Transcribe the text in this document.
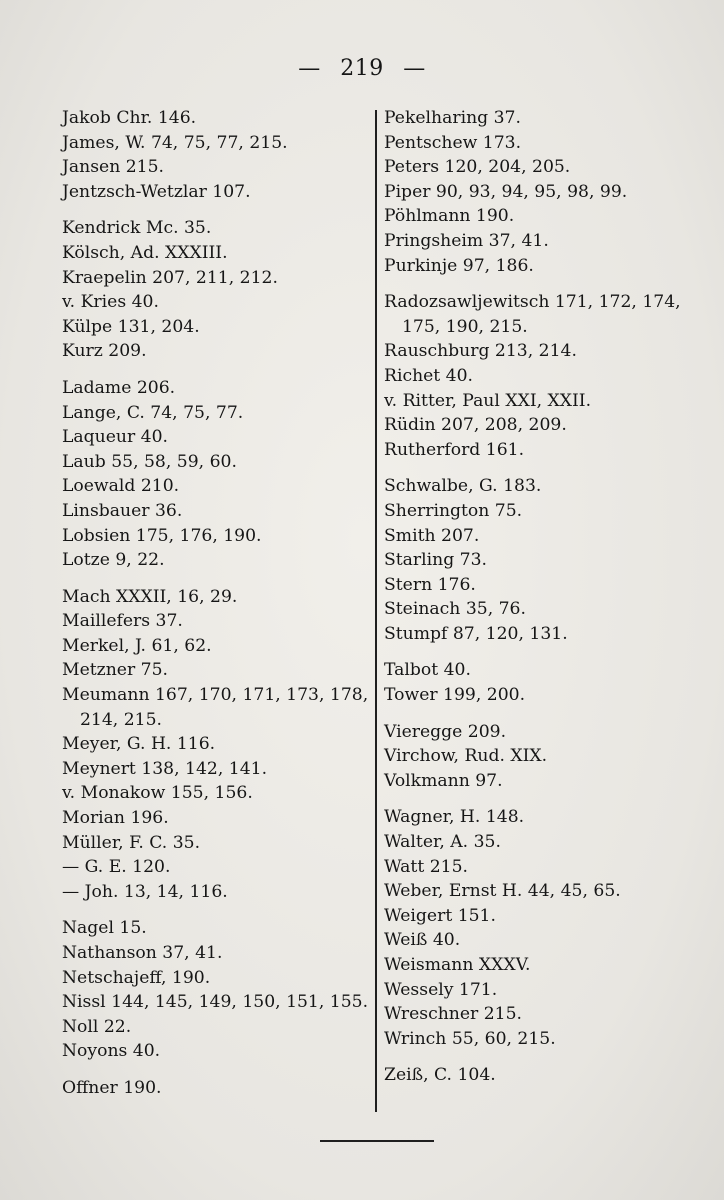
— 219 —
Jakob Chr. 146.
James, W. 74, 75, 77, 215.
Jansen 215.
Jentzsch-Wetzlar 107.
Kendrick Mc. 35.
Kölsch, Ad. XXXIII.
Kraepelin 207, 211, 212.
v. Kries 40.
Külpe 131, 204.
Kurz 209.
Ladame 206.
Lange, C. 74, 75, 77.
Laqueur 40.
Laub 55, 58, 59, 60.
Loewald 210.
Linsbauer 36.
Lobsien 175, 176, 190.
Lotze 9, 22.
Mach XXXII, 16, 29.
Maillefers 37.
Merkel, J. 61, 62.
Metzner 75.
Meumann 167, 170, 171, 173, 178,
214, 215.
Meyer, G. H. 116.
Meynert 138, 142, 141.
v. Monakow 155, 156.
Morian 196.
Müller, F. C. 35.
— G. E. 120.
— Joh. 13, 14, 116.
Nagel 15.
Nathanson 37, 41.
Netschajeff, 190.
Nissl 144, 145, 149, 150, 151, 155.
Noll 22.
Noyons 40.
Offner 190.
Pekelharing 37.
Pentschew 173.
Peters 120, 204, 205.
Piper 90, 93, 94, 95, 98, 99.
Pöhlmann 190.
Pringsheim 37, 41.
Purkinje 97, 186.
Radozsawljewitsch 171, 172, 174,
175, 190, 215.
Rauschburg 213, 214.
Richet 40.
v. Ritter, Paul XXI, XXII.
Rüdin 207, 208, 209.
Rutherford 161.
Schwalbe, G. 183.
Sherrington 75.
Smith 207.
Starling 73.
Stern 176.
Steinach 35, 76.
Stumpf 87, 120, 131.
Talbot 40.
Tower 199, 200.
Vieregge 209.
Virchow, Rud. XIX.
Volkmann 97.
Wagner, H. 148.
Walter, A. 35.
Watt 215.
Weber, Ernst H. 44, 45, 65.
Weigert 151.
Weiß 40.
Weismann XXXV.
Wessely 171.
Wreschner 215.
Wrinch 55, 60, 215.
Zeiß, C. 104.
